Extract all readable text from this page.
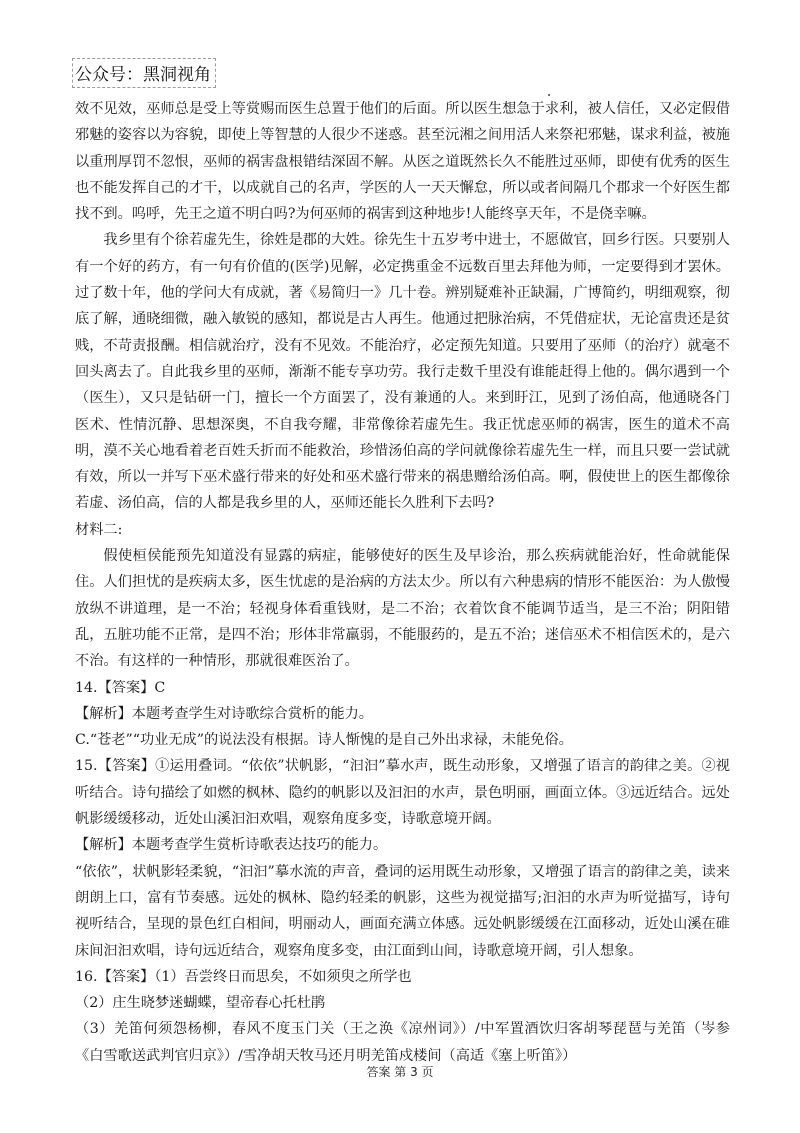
公众号：黑洞视角

效不见效，巫师总是受上等赏赐而医生总置于他们的后面。所以医生想急于求利，被人信任，又必定假借邪魅的姿容以为容貌，即使上等智慧的人很少不迷惑。甚至沅湘之间用活人来祭祀邪魅，谋求利益，被施以重刑厚罚不忽恨，巫师的祸害盘根错结深固不解。从医之道既然长久不能胜过巫师，即使有优秀的医生也不能发挥自己的才干，以成就自己的名声，学医的人一天天懈怠，所以或者间隔几个郡求一个好医生都找不到。呜呼，先王之道不明白吗?为何巫师的祸害到这种地步!人能终享天年，不是侥幸嘛。

我乡里有个徐若虚先生，徐姓是郡的大姓。徐先生十五岁考中进士，不愿做官，回乡行医。只要别人有一个好的药方，有一句有价值的(医学)见解，必定携重金不远数百里去拜他为师，一定要得到才罢休。过了数十年，他的学问大有成就，著《易简归一》几十卷。辨别疑难补正缺漏，广博简约，明细观察，彻底了解，通晓细微，融入敏锐的感知，都说是古人再生。他通过把脉治病，不凭借症状，无论富贵还是贫贱，不苛责报酬。相信就治疗，没有不见效。不能治疗，必定预先知道。只要用了巫师（的治疗）就毫不回头离去了。自此我乡里的巫师，渐渐不能专享功劳。我行走数千里没有谁能赶得上他的。偶尔遇到一个（医生），又只是钻研一门，擅长一个方面罢了，没有兼通的人。来到盱江，见到了汤伯高，他通晓各门医术、性情沉静、思想深奥，不自我夸耀，非常像徐若虚先生。我正忧虑巫师的祸害，医生的道术不高明，漠不关心地看着老百姓夭折而不能救治，珍惜汤伯高的学问就像徐若虚先生一样，而且只要一尝试就有效，所以一并写下巫术盛行带来的好处和巫术盛行带来的祸患赠给汤伯高。啊，假使世上的医生都像徐若虚、汤伯高，信的人都是我乡里的人，巫师还能长久胜利下去吗?

材料二:

假使桓侯能预先知道没有显露的病症，能够使好的医生及早诊治，那么疾病就能治好，性命就能保住。人们担忧的是疾病太多，医生忧虑的是治病的方法太少。所以有六种患病的情形不能医治：为人傲慢放纵不讲道理，是一不治；轻视身体看重钱财，是二不治；衣着饮食不能调节适当，是三不治；阴阳错乱，五脏功能不正常，是四不治；形体非常羸弱，不能服药的，是五不治；迷信巫术不相信医术的，是六不治。有这样的一种情形，那就很难医治了。

14.【答案】C

【解析】本题考查学生对诗歌综合赏析的能力。

C.“苍老”“功业无成”的说法没有根据。诗人惭愧的是自己外出求禄，未能免俗。

15.【答案】①运用叠词。“依依”状帆影，“汩汩”摹水声，既生动形象，又增强了语言的韵律之美。②视听结合。诗句描绘了如燃的枫林、隐约的帆影以及汩汩的水声，景色明丽，画面立体。③远近结合。远处帆影缓缓移动，近处山溪汩汩欢唱，观察角度多变，诗歌意境开阔。

【解析】本题考查学生赏析诗歌表达技巧的能力。

“依依”，状帆影轻柔貌，“汩汩”摹水流的声音，叠词的运用既生动形象，又增强了语言的韵律之美，读来朗朗上口，富有节奏感。远处的枫林、隐约轻柔的帆影，这些为视觉描写;汩汩的水声为听觉描写，诗句视听结合，呈现的景色红白相间，明丽动人，画面充满立体感。远处帆影缓缓在江面移动，近处山溪在碓床间汩汩欢唱，诗句远近结合，观察角度多变，由江面到山间，诗歌意境开阔，引人想象。

16.【答案】（1）吾尝终日而思矣，不如须臾之所学也

（2）庄生晓梦迷蝴蝶，望帝春心托杜鹃

（3）羌笛何须怨杨柳，春风不度玉门关（王之涣《凉州词》）/中军置酒饮归客胡琴琵琶与羌笛（岑参《白雪歌送武判官归京》）/雪净胡天牧马还月明羌笛戍楼间（高适《塞上听笛》）

答案 第 3 页
